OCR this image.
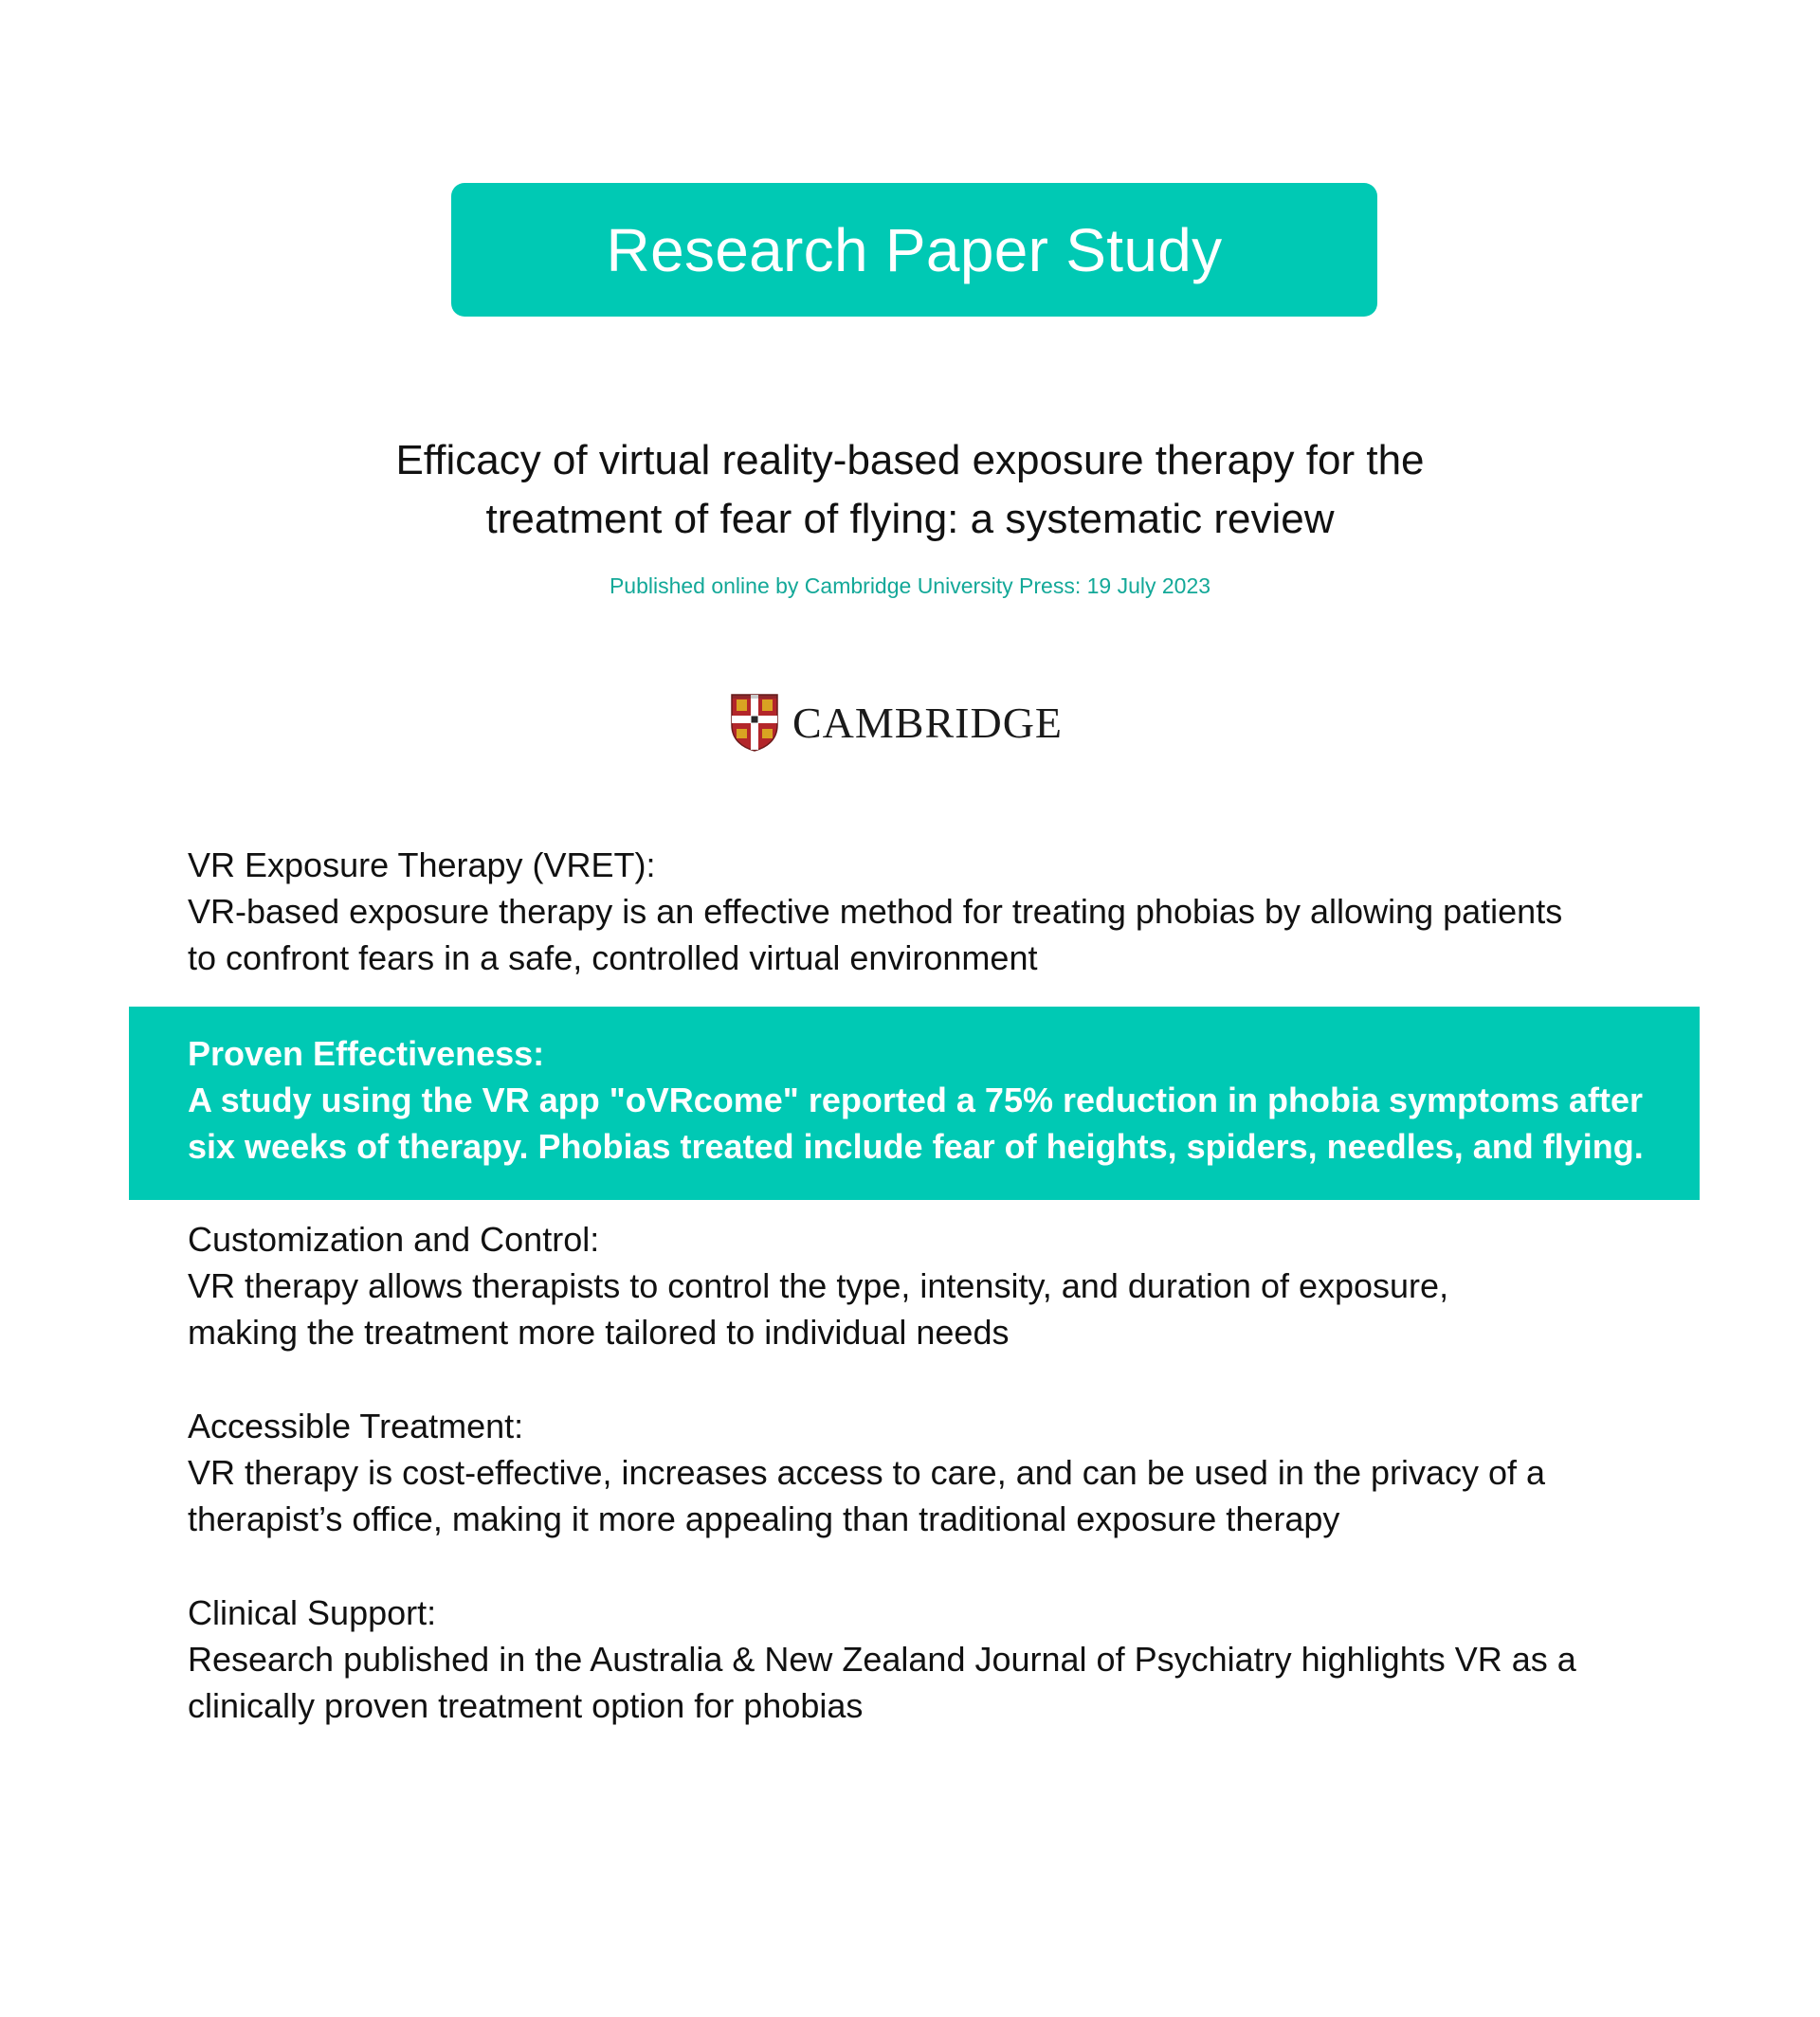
Research Paper Study
Efficacy of virtual reality-based exposure therapy for the
treatment of fear of flying: a systematic review
Published online by Cambridge University Press: 19 July 2023
CAMBRIDGE
VR Exposure Therapy (VRET):
VR-based exposure therapy is an effective method for treating phobias by allowing patients
to confront fears in a safe, controlled virtual environment
Proven Effectiveness:
A study using the VR app "oVRcome" reported a 75% reduction in phobia symptoms after
six weeks of therapy. Phobias treated include fear of heights, spiders, needles, and flying.
Customization and Control:
VR therapy allows therapists to control the type, intensity, and duration of exposure,
making the treatment more tailored to individual needs
Accessible Treatment:
VR therapy is cost-effective, increases access to care, and can be used in the privacy of a
therapist’s office, making it more appealing than traditional exposure therapy
Clinical Support:
Research published in the Australia & New Zealand Journal of Psychiatry highlights VR as a
clinically proven treatment option for phobias
